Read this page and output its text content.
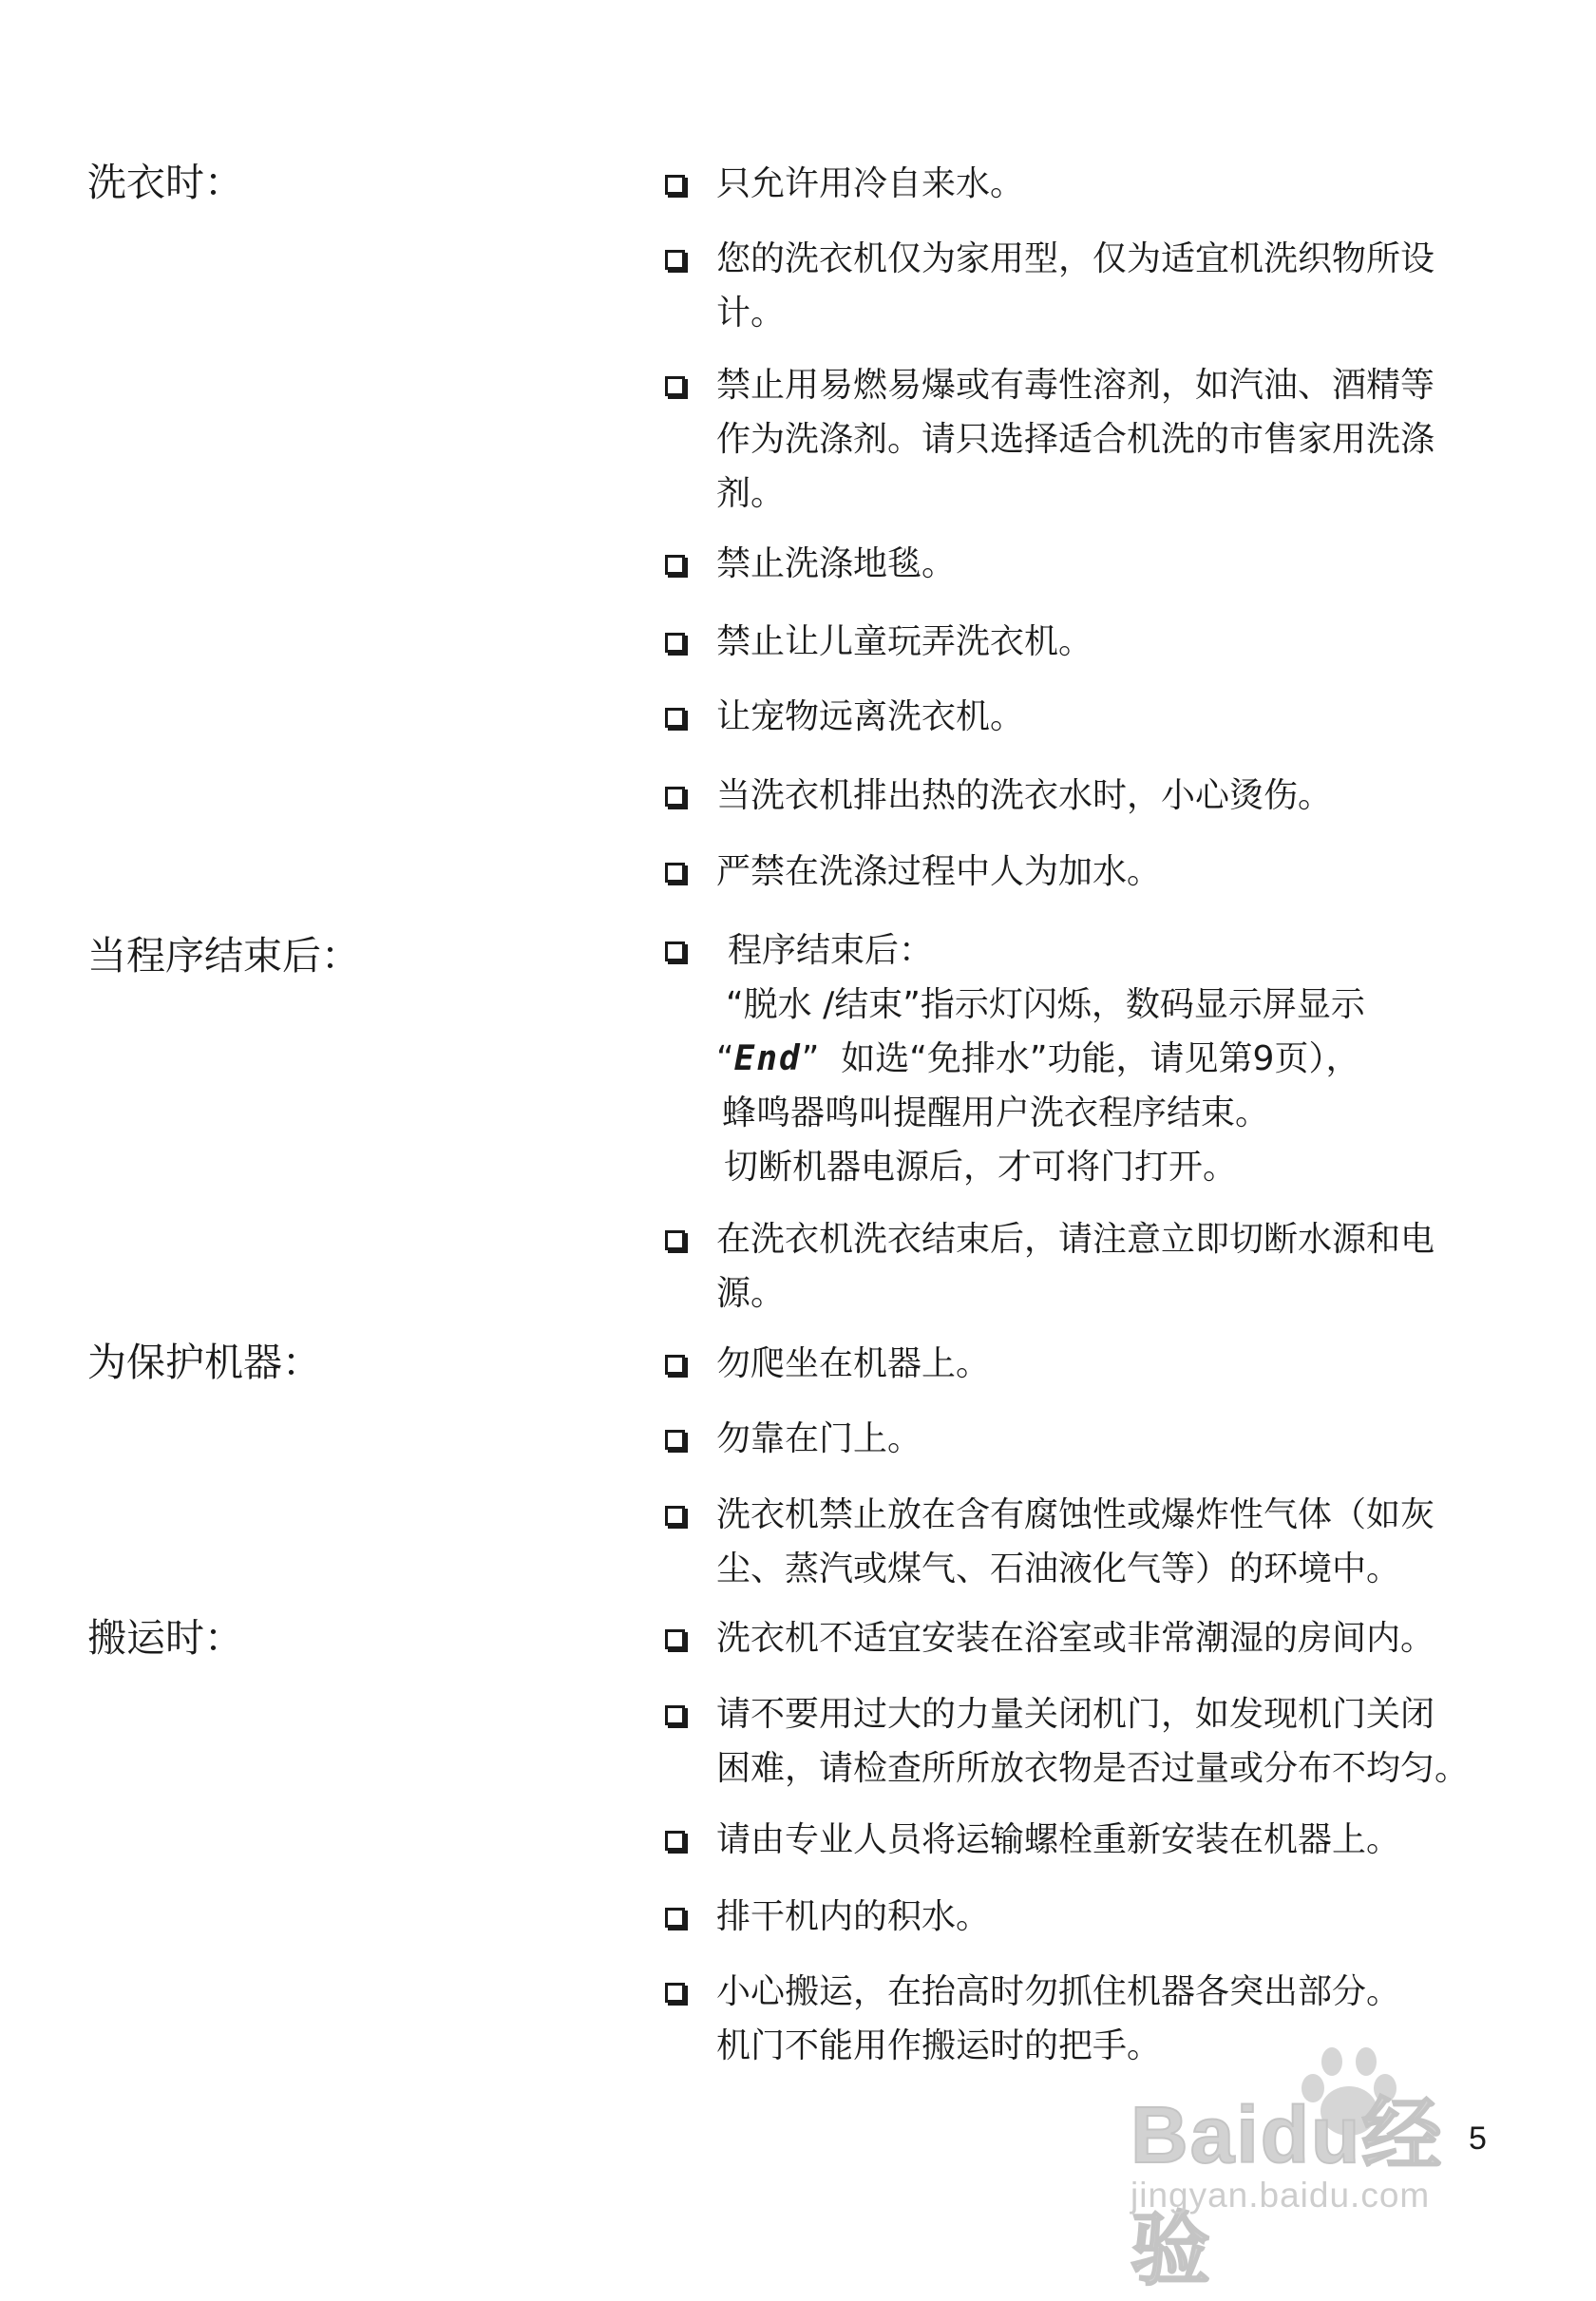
洗衣时：	只允许用冷自来水。
您的洗衣机仅为家用型，仅为适宜机洗织物所设
计。
禁止用易燃易爆或有毒性溶剂，如汽油、酒精等
作为洗涤剂。请只选择适合机洗的市售家用洗涤
剂。
禁止洗涤地毯。
禁止让儿童玩弄洗衣机。
让宠物远离洗衣机。
当洗衣机排出热的洗衣水时，小心烫伤。
严禁在洗涤过程中人为加水。
当程序结束后：	程序结束后：
“脱水 /结束”指示灯闪烁，数码显示屏显示
“End” 如选“免排水”功能，请见第9页），
蜂鸣器鸣叫提醒用户洗衣程序结束。
切断机器电源后，才可将门打开。
在洗衣机洗衣结束后，请注意立即切断水源和电
源。
为保护机器：	勿爬坐在机器上。
勿靠在门上。
洗衣机禁止放在含有腐蚀性或爆炸性气体（如灰
尘、蒸汽或煤气、石油液化气等）的环境中。
搬运时：	洗衣机不适宜安装在浴室或非常潮湿的房间内。
请不要用过大的力量关闭机门，如发现机门关闭
困难，请检查所所放衣物是否过量或分布不均匀。
请由专业人员将运输螺栓重新安装在机器上。
排干机内的积水。
小心搬运，在抬高时勿抓住机器各突出部分。
机门不能用作搬运时的把手。
Baidu经验
jingyan.baidu.com
5
